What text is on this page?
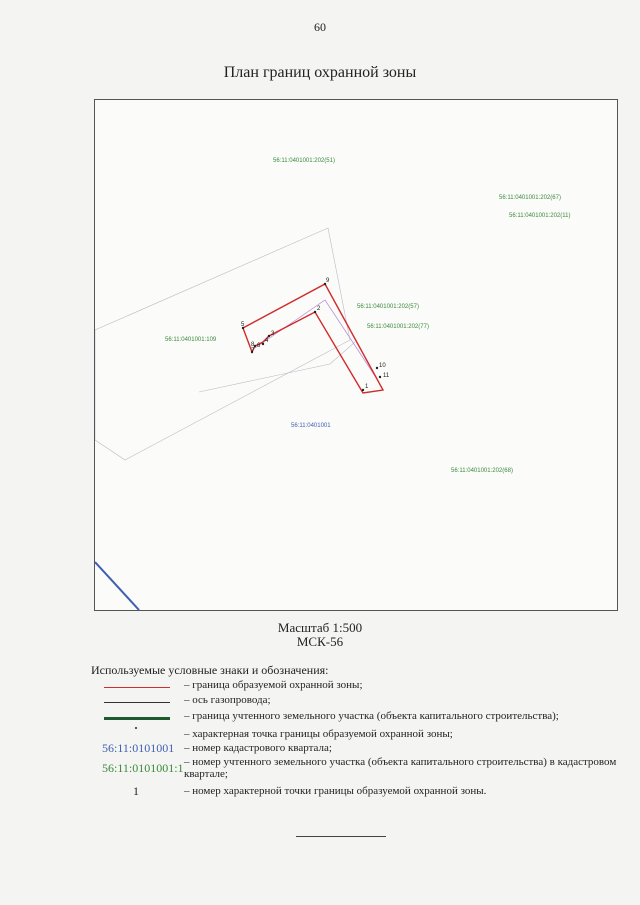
60
План границ охранной зоны
56:11:0401001:202(51)
56:11:0401001:202(67)
56:11:0401001:202(11)
56:11:0401001:202(57)
56:11:0401001:202(77)
56:11:0401001:109
56:11:0401001:202(68)
56:11:0401001
1
2
3
4
5
6
7
8
9
10
11
Масштаб 1:500
МСК-56
Используемые условные знаки и обозначения:
– граница образуемой охранной зоны;
– ось газопровода;
– граница учтенного земельного участка (объекта капитального строительства);
– характерная точка границы образуемой охранной зоны;
56:11:0101001 – номер кадастрового квартала;
56:11:0101001:1 – номер учтенного земельного участка (объекта капитального строительства) в кадастровом квартале;
1	– номер характерной точки границы образуемой охранной зоны.
